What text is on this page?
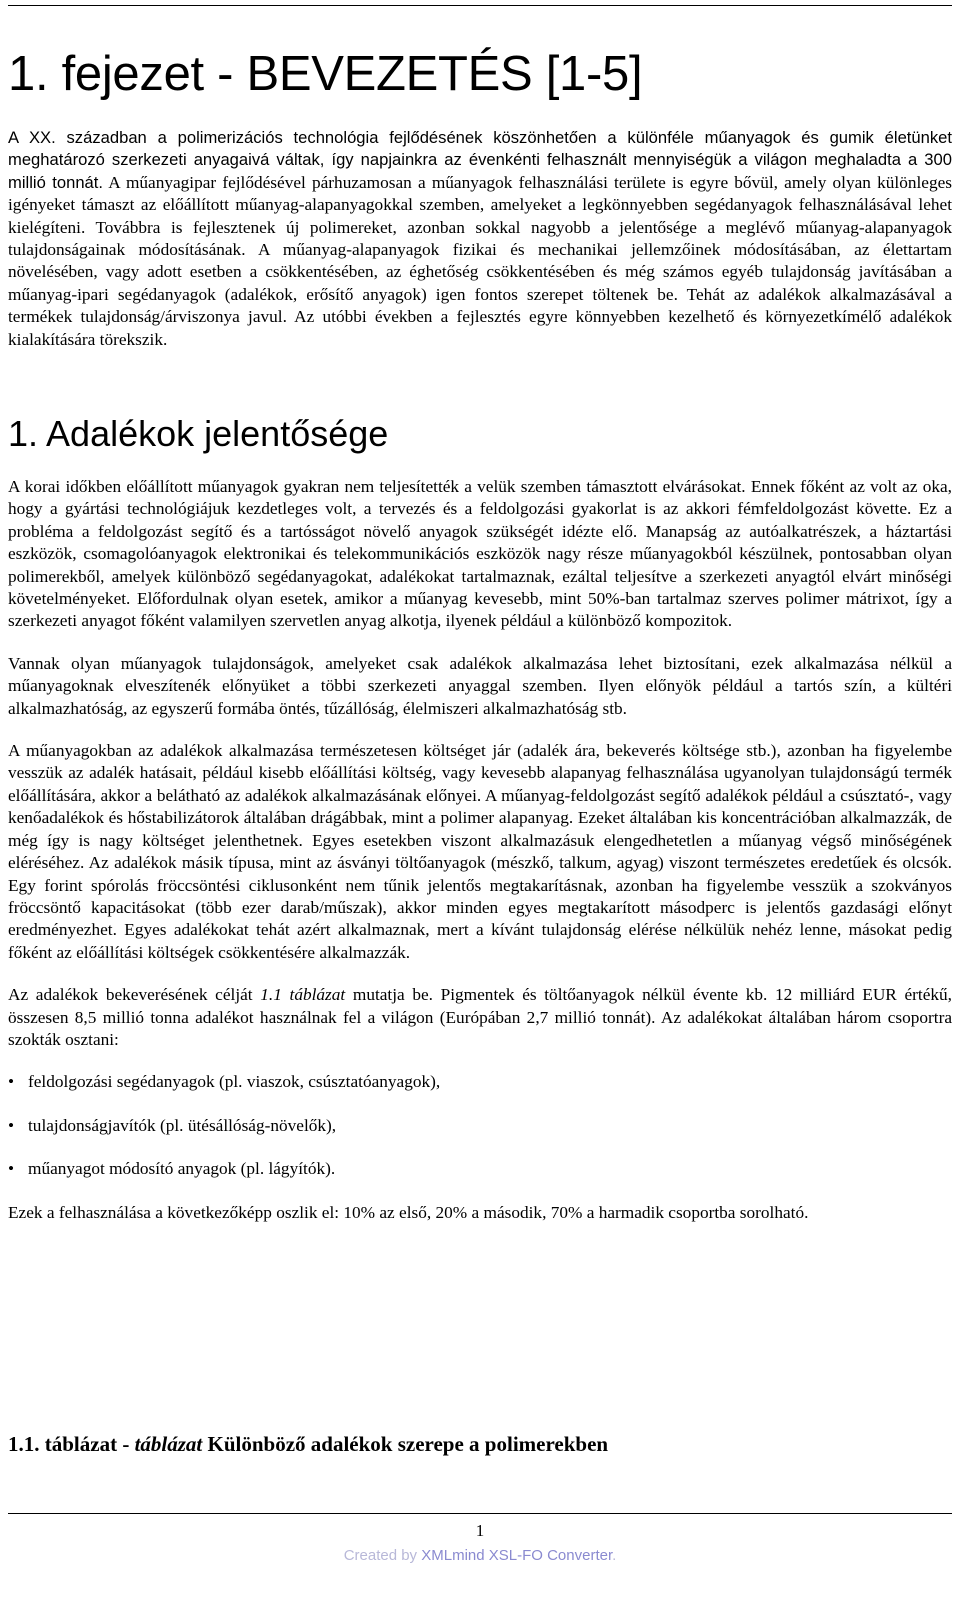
1. fejezet - BEVEZETÉS [1-5]

A XX. században a polimerizációs technológia fejlődésének köszönhetően a különféle műanyagok és gumik életünket meghatározó szerkezeti anyagaivá váltak, így napjainkra az évenkénti felhasznált mennyiségük a világon meghaladta a 300 millió tonnát. A műanyagipar fejlődésével párhuzamosan a műanyagok felhasználási területe is egyre bővül, amely olyan különleges igényeket támaszt az előállított műanyag-alapanyagokkal szemben, amelyeket a legkönnyebben segédanyagok felhasználásával lehet kielégíteni. Továbbra is fejlesztenek új polimereket, azonban sokkal nagyobb a jelentősége a meglévő műanyag-alapanyagok tulajdonságainak módosításának. A műanyag-alapanyagok fizikai és mechanikai jellemzőinek módosításában, az élettartam növelésében, vagy adott esetben a csökkentésében, az éghetőség csökkentésében és még számos egyéb tulajdonság javításában a műanyag-ipari segédanyagok (adalékok, erősítő anyagok) igen fontos szerepet töltenek be. Tehát az adalékok alkalmazásával a termékek tulajdonság/árviszonya javul. Az utóbbi években a fejlesztés egyre könnyebben kezelhető és környezetkímélő adalékok kialakítására törekszik.

1. Adalékok jelentősége

A korai időkben előállított műanyagok gyakran nem teljesítették a velük szemben támasztott elvárásokat. Ennek főként az volt az oka, hogy a gyártási technológiájuk kezdetleges volt, a tervezés és a feldolgozási gyakorlat is az akkori fémfeldolgozást követte. Ez a probléma a feldolgozást segítő és a tartósságot növelő anyagok szükségét idézte elő. Manapság az autóalkatrészek, a háztartási eszközök, csomagolóanyagok elektronikai és telekommunikációs eszközök nagy része műanyagokból készülnek, pontosabban olyan polimerekből, amelyek különböző segédanyagokat, adalékokat tartalmaznak, ezáltal teljesítve a szerkezeti anyagtól elvárt minőségi követelményeket. Előfordulnak olyan esetek, amikor a műanyag kevesebb, mint 50%-ban tartalmaz szerves polimer mátrixot, így a szerkezeti anyagot főként valamilyen szervetlen anyag alkotja, ilyenek például a különböző kompozitok.

Vannak olyan műanyagok tulajdonságok, amelyeket csak adalékok alkalmazása lehet biztosítani, ezek alkalmazása nélkül a műanyagoknak elveszítenék előnyüket a többi szerkezeti anyaggal szemben. Ilyen előnyök például a tartós szín, a kültéri alkalmazhatóság, az egyszerű formába öntés, tűzállóság, élelmiszeri alkalmazhatóság stb.

A műanyagokban az adalékok alkalmazása természetesen költséget jár (adalék ára, bekeverés költsége stb.), azonban ha figyelembe vesszük az adalék hatásait, például kisebb előállítási költség, vagy kevesebb alapanyag felhasználása ugyanolyan tulajdonságú termék előállítására, akkor a belátható az adalékok alkalmazásának előnyei. A műanyag-feldolgozást segítő adalékok például a csúsztató-, vagy kenőadalékok és hőstabilizátorok általában drágábbak, mint a polimer alapanyag. Ezeket általában kis koncentrációban alkalmazzák, de még így is nagy költséget jelenthetnek. Egyes esetekben viszont alkalmazásuk elengedhetetlen a műanyag végső minőségének eléréséhez. Az adalékok másik típusa, mint az ásványi töltőanyagok (mészkő, talkum, agyag) viszont természetes eredetűek és olcsók. Egy forint spórolás fröccsöntési ciklusonként nem tűnik jelentős megtakarításnak, azonban ha figyelembe vesszük a szokványos fröccsöntő kapacitásokat (több ezer darab/műszak), akkor minden egyes megtakarított másodperc is jelentős gazdasági előnyt eredményezhet. Egyes adalékokat tehát azért alkalmaznak, mert a kívánt tulajdonság elérése nélkülük nehéz lenne, másokat pedig főként az előállítási költségek csökkentésére alkalmazzák.

Az adalékok bekeverésének célját 1.1 táblázat mutatja be. Pigmentek és töltőanyagok nélkül évente kb. 12 milliárd EUR értékű, összesen 8,5 millió tonna adalékot használnak fel a világon (Európában 2,7 millió tonnát). Az adalékokat általában három csoportra szokták osztani:

• feldolgozási segédanyagok (pl. viaszok, csúsztatóanyagok),
• tulajdonságjavítók (pl. ütésállóság-növelők),
• műanyagot módosító anyagok (pl. lágyítók).

Ezek a felhasználása a következőképp oszlik el: 10% az első, 20% a második, 70% a harmadik csoportba sorolható.

1.1. táblázat - táblázat Különböző adalékok szerepe a polimerekben
1
Created by XMLmind XSL-FO Converter.
